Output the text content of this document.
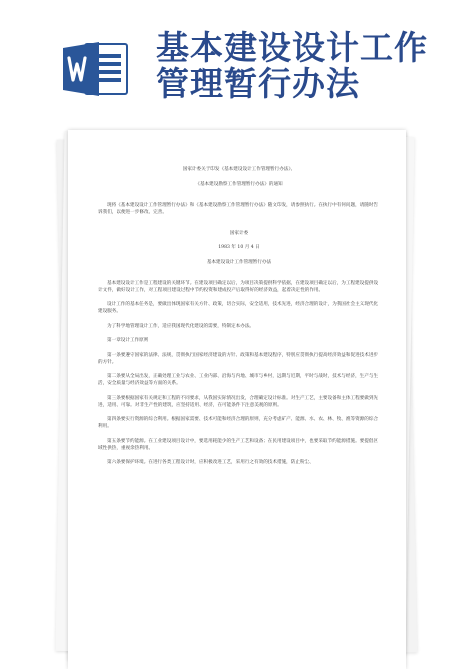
基本建设设计工作
管理暂行办法

国家计委关于印发《基本建设设计工作管理暂行办法》、

《基本建设勘察工作管理暂行办法》的通知

现将《基本建设设计工作管理暂行办法》和《基本建设勘察工作管理暂行办法》随文印发，请参照执行。在执行中有何问题，请随时告诉我们，以便进一步修改、完善。

国家计委

1983 年 10 月 4 日

基本建设设计工作管理暂行办法

基本建设设计工作是工程建设的关键环节。在建设项目确定以后，为项目决策提供科学依据，在建设项目确定以后，为工程建设提供设计文件，做好设计工作，对工程项目建设过程中节约投资和建成投产后取得好的经济效益，起着决定性的作用。

设计工作的基本任务是，要做出体现国家有关方针、政策，切合实际，安全适用，技术先进，经济合理的设计，为我国社会主义现代化建设服务。

为了科学地管理设计工作，适应我国现代化建设的需要，特制定本办法。

第一章设计工作原则

第一条要遵守国家的法律、法规，贯彻执行国家经济建设的方针、政策和基本建设程序，特别应贯彻执行提高经济效益和促进技术进步的方针。

第二条要从全局出发，正确处理工业与农业、工业内部、沿海与内地、城市与乡村，远期与近期，平时与战时，技术与经济，生产与生活，安全质量与经济效益等方面的关系。

第三条要根据国家有关规定和工程的不同要求，从我国实际情况出发，合理确定设计标准。对生产工艺，主要设备和主体工程要做到先进，适用、可靠。对非生产性的建筑，应坚持适用、经济，在可能条件下注意美观的原则。

第四条要实行资源的综合利用。根据国家需要、技术可能和经济合理的原则，充分考虑矿产、能源、水、农、林、牧、渔等资源的综合利用。

第五条要节约能源。在工业建设项目设计中，要选用耗能少的生产工艺和设备；在民用建设项目中，也要采取节约能源措施。要提倡区域性供热，重视余热利用。

第六条要保护环境。在进行各类工程设计时，应积极改进工艺，采用行之有效的技术措施，防止粉尘、
